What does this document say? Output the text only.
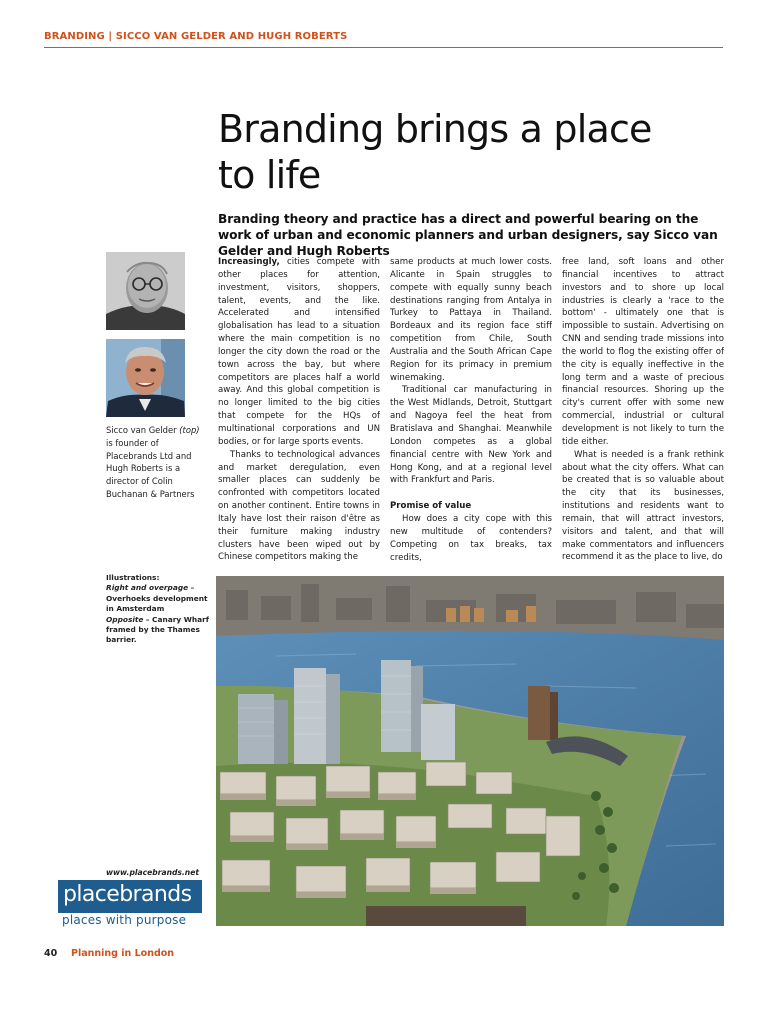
BRANDING | SICCO VAN GELDER AND HUGH ROBERTS
Branding brings a place
to life

Branding theory and practice has a direct and powerful bearing on the work of urban and economic planners and urban designers, say Sicco van Gelder and Hugh Roberts

Sicco van Gelder (top) is founder of Placebrands Ltd and Hugh Roberts is a director of Colin Buchanan & Partners

Illustrations:
Right and overpage – Overhoeks development in Amsterdam
Opposite – Canary Wharf framed by the Thames barrier.

Increasingly, cities compete with other places for attention, investment, visitors, shoppers, talent, events, and the like. Accelerated and intensified globalisation has lead to a situation where the main competition is no longer the city down the road or the town across the bay, but where competitors are places half a world away. And this global competition is no longer limited to the big cities that compete for the HQs of multinational corporations and UN bodies, or for large sports events.

Thanks to technological advances and market deregulation, even smaller places can suddenly be confronted with competitors located on another continent. Entire towns in Italy have lost their raison d'être as their furniture making industry clusters have been wiped out by Chinese competitors making the

same products at much lower costs. Alicante in Spain struggles to compete with equally sunny beach destinations ranging from Antalya in Turkey to Pattaya in Thailand. Bordeaux and its region face stiff competition from Chile, South Australia and the South African Cape Region for its primacy in premium winemaking.

Traditional car manufacturing in the West Midlands, Detroit, Stuttgart and Nagoya feel the heat from Bratislava and Shanghai. Meanwhile London competes as a global financial centre with New York and Hong Kong, and at a regional level with Frankfurt and Paris.

Promise of value

How does a city cope with this new multitude of contenders? Competing on tax breaks, tax credits,

free land, soft loans and other financial incentives to attract investors and to shore up local industries is clearly a 'race to the bottom' - ultimately one that is impossible to sustain. Advertising on CNN and sending trade missions into the world to flog the existing offer of the city is equally ineffective in the long term and a waste of precious financial resources. Shoring up the city's current offer with some new commercial, industrial or cultural development is not likely to turn the tide either.

What is needed is a frank rethink about what the city offers. What can be created that is so valuable about the city that its businesses, institutions and residents want to remain, that will attract investors, visitors and talent, and that will make commentators and influencers recommend it as the place to live, do

www.placebrands.net
placebrands
places with purpose
40 Planning in London
